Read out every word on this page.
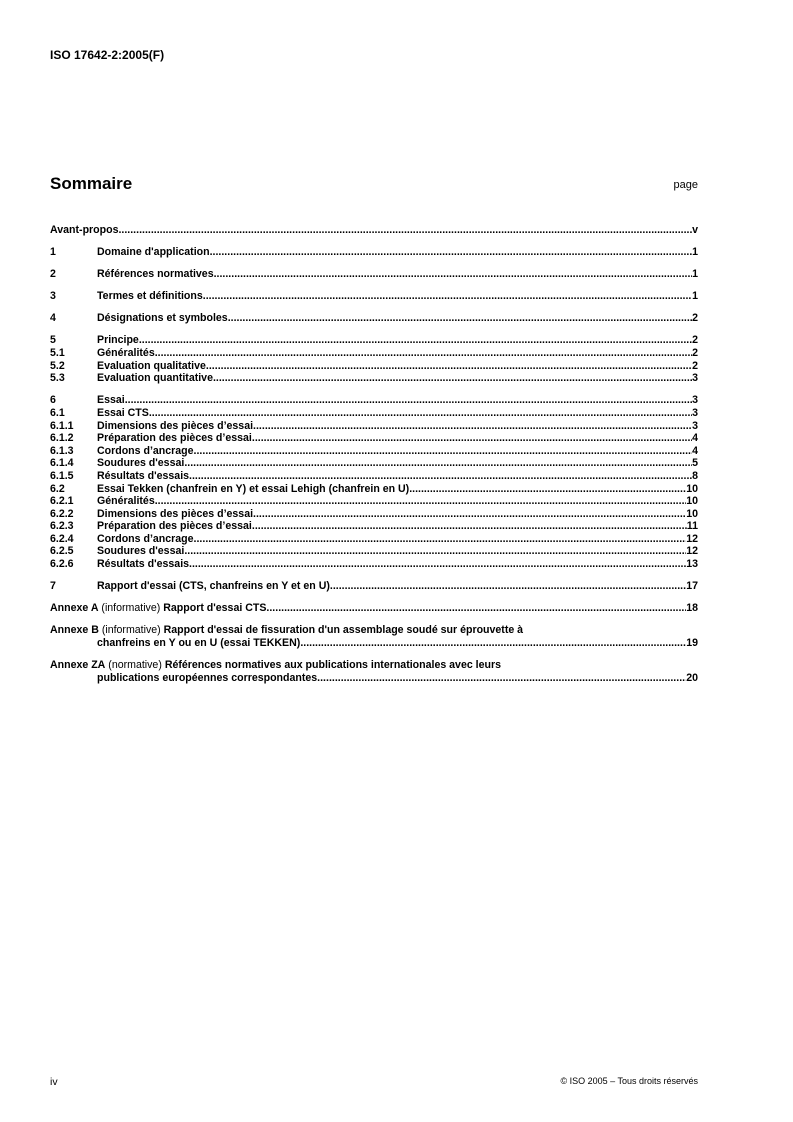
ISO 17642-2:2005(F)
Sommaire	page
Avant-propos .....	v
1	Domaine d'application .....	1
2	Références normatives .....	1
3	Termes et définitions .....	1
4	Désignations et symboles .....	2
5	Principe .....	2
5.1	Généralités .....	2
5.2	Evaluation qualitative .....	2
5.3	Evaluation quantitative .....	3
6	Essai .....	3
6.1	Essai CTS .....	3
6.1.1	Dimensions des pièces d’essai .....	3
6.1.2	Préparation des pièces d’essai .....	4
6.1.3	Cordons d’ancrage .....	4
6.1.4	Soudures d'essai .....	5
6.1.5	Résultats d'essais .....	8
6.2	Essai Tekken (chanfrein en Y) et essai Lehigh (chanfrein en U) .....	10
6.2.1	Généralités .....	10
6.2.2	Dimensions des pièces d’essai .....	10
6.2.3	Préparation des pièces d’essai .....	11
6.2.4	Cordons d’ancrage .....	12
6.2.5	Soudures d'essai .....	12
6.2.6	Résultats d'essais .....	13
7	Rapport d'essai (CTS, chanfreins en Y et en U) .....	17
Annexe A (informative) Rapport d'essai CTS .....	18
Annexe B (informative) Rapport d'essai de fissuration d'un assemblage soudé sur éprouvette à
chanfreins en Y ou en U (essai TEKKEN) .....	19
Annexe ZA (normative) Références normatives aux publications internationales avec leurs
publications européennes correspondantes .....	20
iv	© ISO 2005 – Tous droits réservés
